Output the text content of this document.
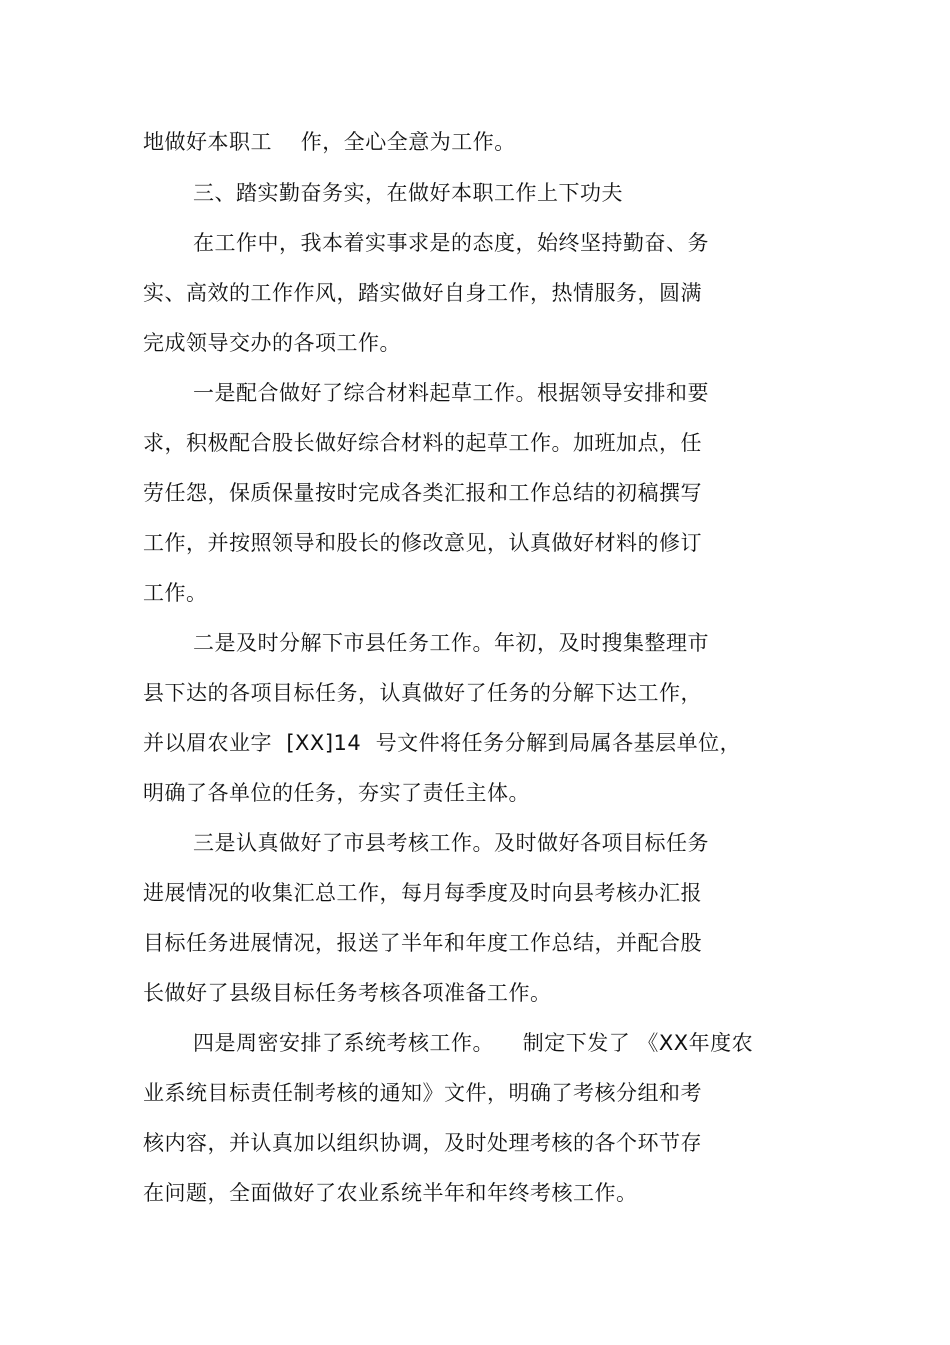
地做好本职工    作，全心全意为工作。
三、踏实勤奋务实，在做好本职工作上下功夫
在工作中，我本着实事求是的态度，始终坚持勤奋、务
实、高效的工作作风，踏实做好自身工作，热情服务，圆满
完成领导交办的各项工作。
一是配合做好了综合材料起草工作。根据领导安排和要
求，积极配合股长做好综合材料的起草工作。加班加点，任
劳任怨，保质保量按时完成各类汇报和工作总结的初稿撰写
工作，并按照领导和股长的修改意见，认真做好材料的修订
工作。
二是及时分解下市县任务工作。年初，及时搜集整理市
县下达的各项目标任务，认真做好了任务的分解下达工作，
并以眉农业字  [XX]14  号文件将任务分解到局属各基层单位，
明确了各单位的任务，夯实了责任主体。
三是认真做好了市县考核工作。及时做好各项目标任务
进展情况的收集汇总工作，每月每季度及时向县考核办汇报
目标任务进展情况，报送了半年和年度工作总结，并配合股
长做好了县级目标任务考核各项准备工作。
四是周密安排了系统考核工作。    制定下发了 《XX年度农
业系统目标责任制考核的通知》文件，明确了考核分组和考
核内容，并认真加以组织协调，及时处理考核的各个环节存
在问题，全面做好了农业系统半年和年终考核工作。
